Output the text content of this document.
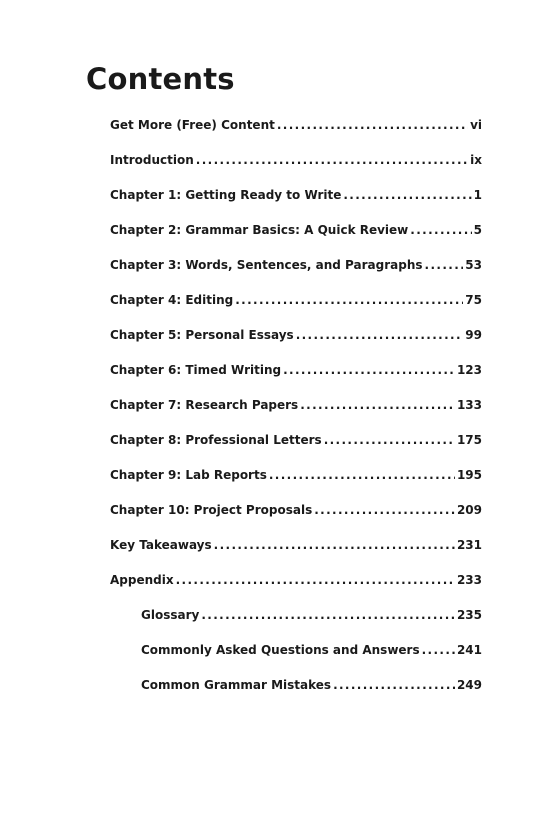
Contents
Get More (Free) Content . . .	vi
Introduction . . .	ix
Chapter 1: Getting Ready to Write . . .	1
Chapter 2: Grammar Basics: A Quick Review . . .	5
Chapter 3: Words, Sentences, and Paragraphs . . .	53
Chapter 4: Editing . . .	75
Chapter 5: Personal Essays . . .	99
Chapter 6: Timed Writing . . .	123
Chapter 7: Research Papers . . .	133
Chapter 8: Professional Letters . . .	175
Chapter 9: Lab Reports . . .	195
Chapter 10: Project Proposals . . .	209
Key Takeaways . . .	231
Appendix . . .	233
Glossary . . .	235
Commonly Asked Questions and Answers . . .	241
Common Grammar Mistakes . . .	249
